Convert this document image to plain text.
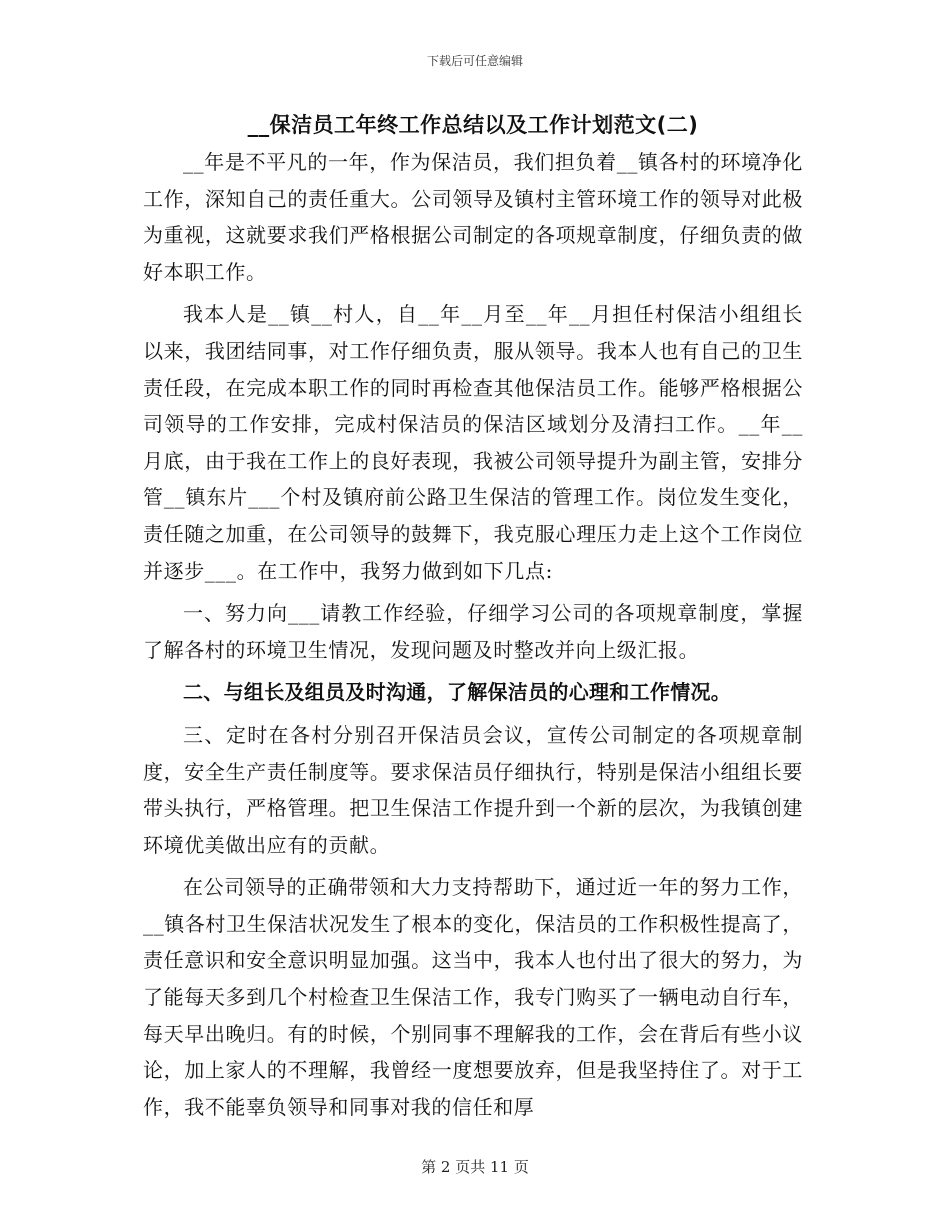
下载后可任意编辑
__保洁员工年终工作总结以及工作计划范文(二)

__年是不平凡的一年，作为保洁员，我们担负着__镇各村的环境净化工作，深知自己的责任重大。公司领导及镇村主管环境工作的领导对此极为重视，这就要求我们严格根据公司制定的各项规章制度，仔细负责的做好本职工作。

我本人是__镇__村人，自__年__月至__年__月担任村保洁小组组长以来，我团结同事，对工作仔细负责，服从领导。我本人也有自己的卫生责任段，在完成本职工作的同时再检查其他保洁员工作。能够严格根据公司领导的工作安排，完成村保洁员的保洁区域划分及清扫工作。__年__月底，由于我在工作上的良好表现，我被公司领导提升为副主管，安排分管__镇东片___个村及镇府前公路卫生保洁的管理工作。岗位发生变化，责任随之加重，在公司领导的鼓舞下，我克服心理压力走上这个工作岗位并逐步___。在工作中，我努力做到如下几点:

一、努力向___请教工作经验，仔细学习公司的各项规章制度，掌握了解各村的环境卫生情况，发现问题及时整改并向上级汇报。

二、与组长及组员及时沟通，了解保洁员的心理和工作情况。

三、定时在各村分别召开保洁员会议，宣传公司制定的各项规章制度，安全生产责任制度等。要求保洁员仔细执行，特别是保洁小组组长要带头执行，严格管理。把卫生保洁工作提升到一个新的层次，为我镇创建环境优美做出应有的贡献。

在公司领导的正确带领和大力支持帮助下，通过近一年的努力工作，__镇各村卫生保洁状况发生了根本的变化，保洁员的工作积极性提高了，责任意识和安全意识明显加强。这当中，我本人也付出了很大的努力，为了能每天多到几个村检查卫生保洁工作，我专门购买了一辆电动自行车，每天早出晚归。有的时候，个别同事不理解我的工作，会在背后有些小议论，加上家人的不理解，我曾经一度想要放弃，但是我坚持住了。对于工作，我不能辜负领导和同事对我的信任和厚

第 2 页共 11 页
